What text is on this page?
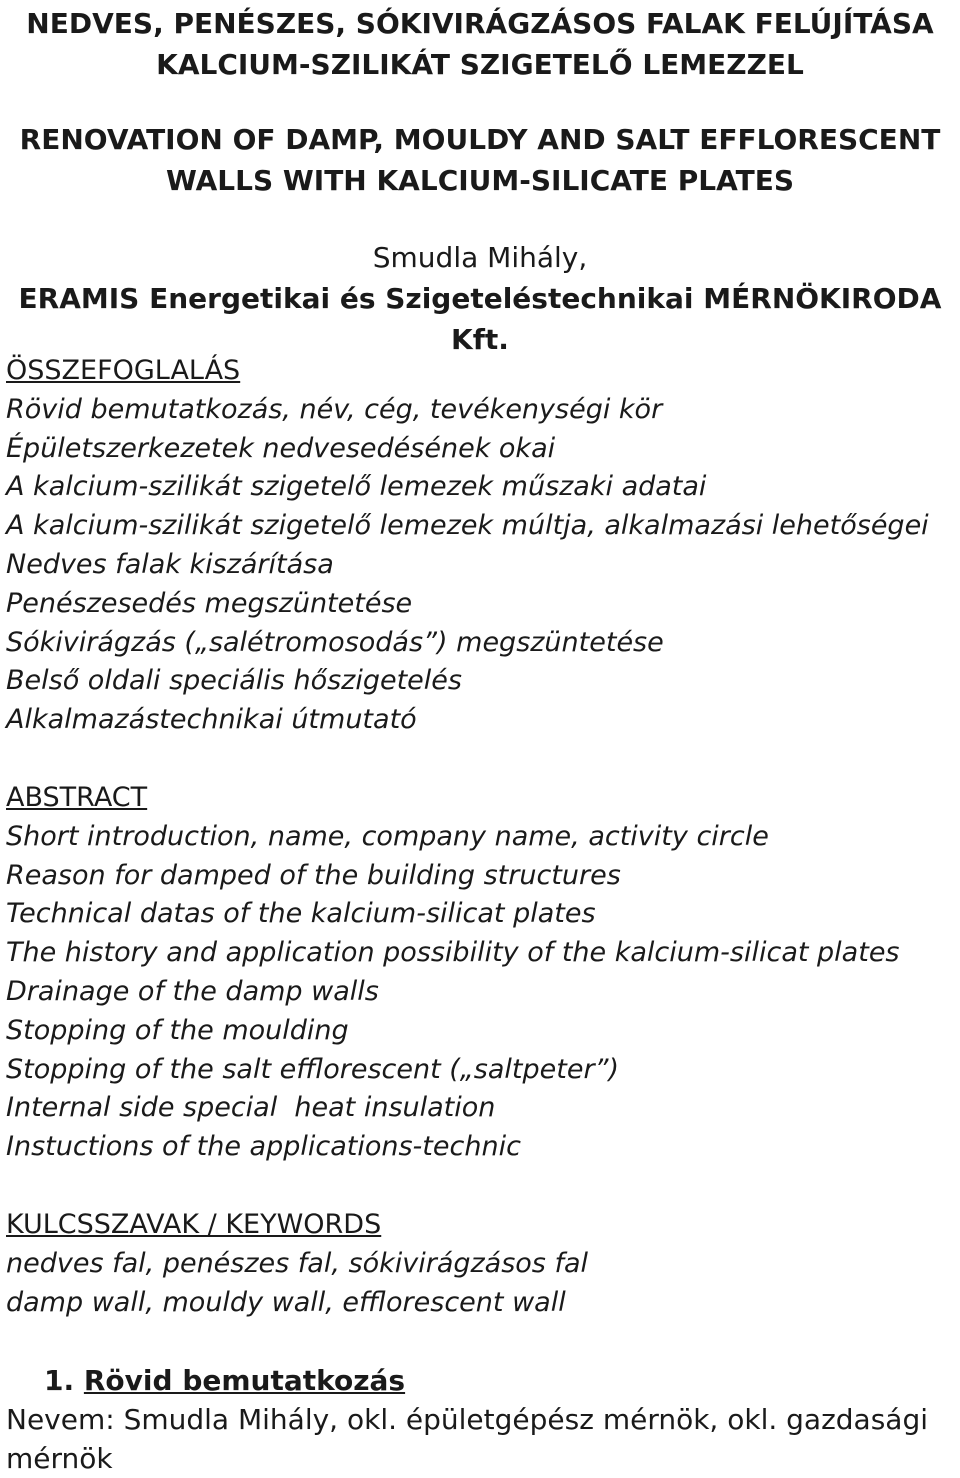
NEDVES, PENÉSZES, SÓKIVIRÁGZÁSOS FALAK FELÚJÍTÁSA
KALCIUM-SZILIKÁT SZIGETELŐ LEMEZZEL
RENOVATION OF DAMP, MOULDY AND SALT EFFLORESCENT
WALLS WITH KALCIUM-SILICATE PLATES
Smudla Mihály,
ERAMIS Energetikai és Szigeteléstechnikai MÉRNÖKIRODA Kft.
ÖSSZEFOGLALÁS
Rövid bemutatkozás, név, cég, tevékenységi kör
Épületszerkezetek nedvesedésének okai
A kalcium-szilikát szigetelő lemezek műszaki adatai
A kalcium-szilikát szigetelő lemezek múltja, alkalmazási lehetőségei
Nedves falak kiszárítása
Penészesedés megszüntetése
Sókivirágzás („salétromosodás”) megszüntetése
Belső oldali speciális hőszigetelés
Alkalmazástechnikai útmutató
ABSTRACT
Short introduction, name, company name, activity circle
Reason for damped of the building structures
Technical datas of the kalcium-silicat plates
The history and application possibility of the kalcium-silicat plates
Drainage of the damp walls
Stopping of the moulding
Stopping of the salt efflorescent („saltpeter”)
Internal side special  heat insulation
Instuctions of the applications-technic
KULCSSZAVAK / KEYWORDS
nedves fal, penészes fal, sókivirágzásos fal
damp wall, mouldy wall, efflorescent wall
1. Rövid bemutatkozás
Nevem: Smudla Mihály, okl. épületgépész mérnök, okl. gazdasági
mérnök
